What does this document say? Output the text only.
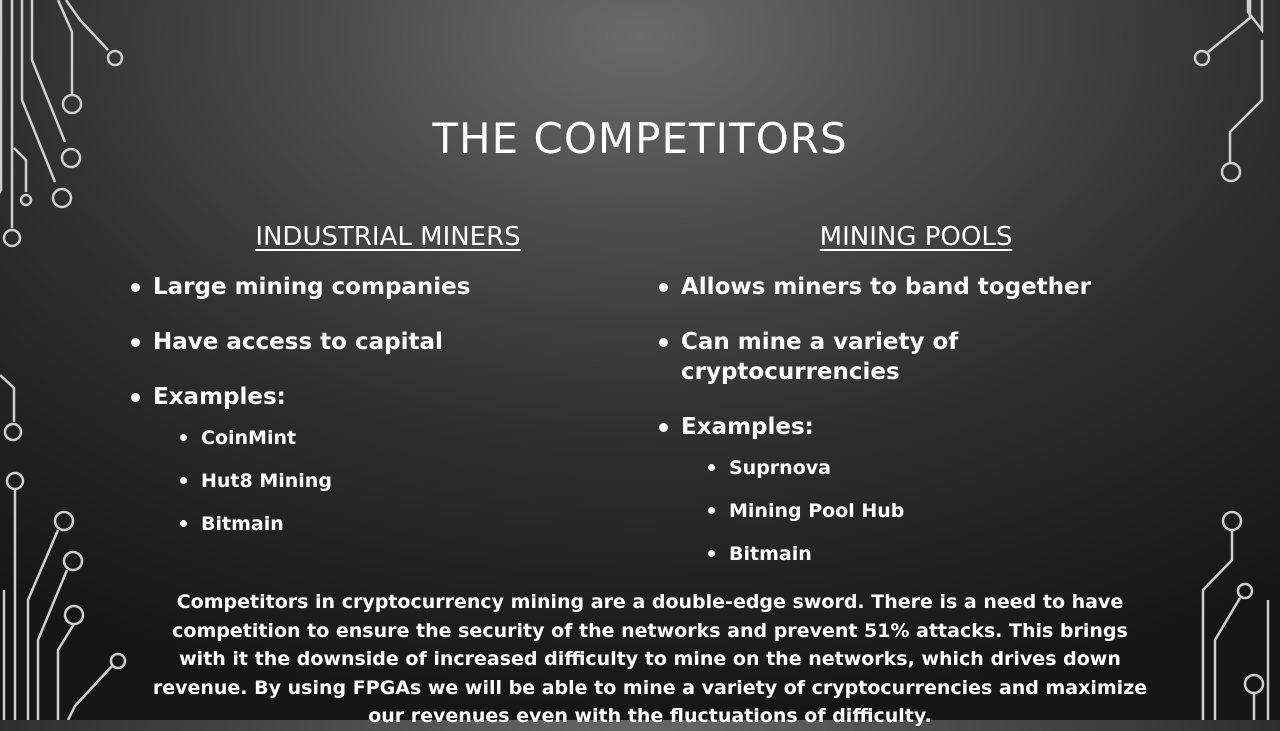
THE COMPETITORS
INDUSTRIAL MINERS
Large mining companies
Have access to capital
Examples:
CoinMint
Hut8 Mining
Bitmain
MINING POOLS
Allows miners to band together
Can mine a variety of cryptocurrencies
Examples:
Suprnova
Mining Pool Hub
Bitmain

Competitors in cryptocurrency mining are a double-edge sword. There is a need to have competition to ensure the security of the networks and prevent 51% attacks. This brings with it the downside of increased difficulty to mine on the networks, which drives down revenue. By using FPGAs we will be able to mine a variety of cryptocurrencies and maximize our revenues even with the fluctuations of difficulty.
